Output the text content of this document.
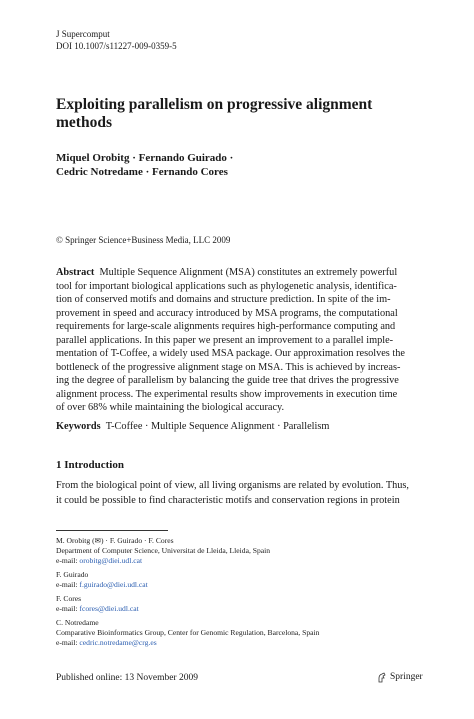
J Supercomput
DOI 10.1007/s11227-009-0359-5
Exploiting parallelism on progressive alignment
methods
Miquel Orobitg · Fernando Guirado ·
Cedric Notredame · Fernando Cores
© Springer Science+Business Media, LLC 2009
Abstract Multiple Sequence Alignment (MSA) constitutes an extremely powerful
tool for important biological applications such as phylogenetic analysis, identifica-
tion of conserved motifs and domains and structure prediction. In spite of the im-
provement in speed and accuracy introduced by MSA programs, the computational
requirements for large-scale alignments requires high-performance computing and
parallel applications. In this paper we present an improvement to a parallel imple-
mentation of T-Coffee, a widely used MSA package. Our approximation resolves the
bottleneck of the progressive alignment stage on MSA. This is achieved by increas-
ing the degree of parallelism by balancing the guide tree that drives the progressive
alignment process. The experimental results show improvements in execution time
of over 68% while maintaining the biological accuracy.
Keywords T-Coffee · Multiple Sequence Alignment · Parallelism
1 Introduction
From the biological point of view, all living organisms are related by evolution. Thus,
it could be possible to find characteristic motifs and conservation regions in protein
M. Orobitg (✉) · F. Guirado · F. Cores
Department of Computer Science, Universitat de Lleida, Lleida, Spain
e-mail: orobitg@diei.udl.cat
F. Guirado
e-mail: f.guirado@diei.udl.cat
F. Cores
e-mail: fcores@diei.udl.cat
C. Notredame
Comparative Bioinformatics Group, Center for Genomic Regulation, Barcelona, Spain
e-mail: cedric.notredame@crg.es
Published online: 13 November 2009	Springer
